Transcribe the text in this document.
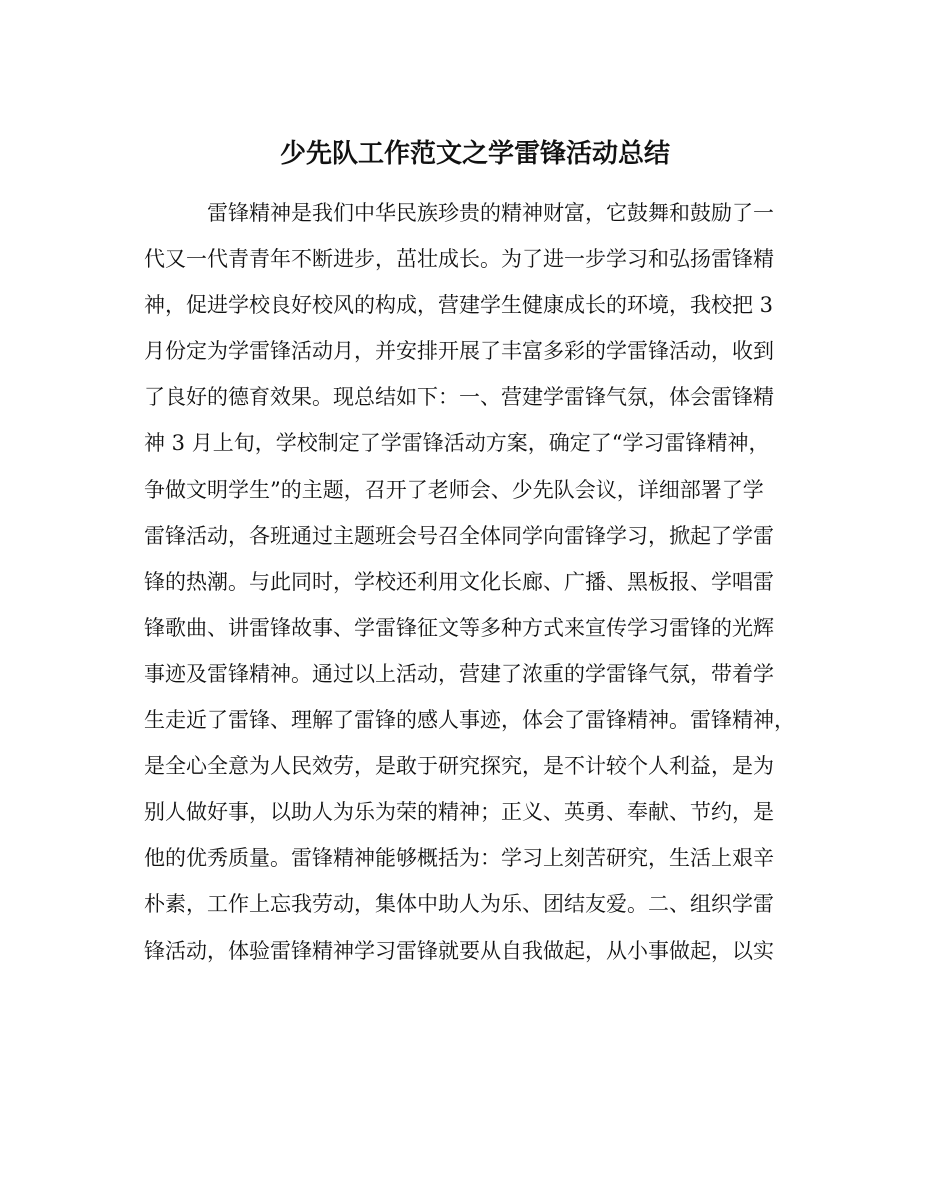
少先队工作范文之学雷锋活动总结
雷锋精神是我们中华民族珍贵的精神财富，它鼓舞和鼓励了一
代又一代青青年不断进步，茁壮成长。为了进一步学习和弘扬雷锋精
神，促进学校良好校风的构成，营建学生健康成长的环境，我校把 3
月份定为学雷锋活动月，并安排开展了丰富多彩的学雷锋活动，收到
了良好的德育效果。现总结如下：一、营建学雷锋气氛，体会雷锋精
神 3 月上旬，学校制定了学雷锋活动方案，确定了“学习雷锋精神，
争做文明学生”的主题，召开了老师会、少先队会议，详细部署了学
雷锋活动，各班通过主题班会号召全体同学向雷锋学习，掀起了学雷
锋的热潮。与此同时，学校还利用文化长廊、广播、黑板报、学唱雷
锋歌曲、讲雷锋故事、学雷锋征文等多种方式来宣传学习雷锋的光辉
事迹及雷锋精神。通过以上活动，营建了浓重的学雷锋气氛，带着学
生走近了雷锋、理解了雷锋的感人事迹，体会了雷锋精神。雷锋精神，
是全心全意为人民效劳，是敢于研究探究，是不计较个人利益，是为
别人做好事，以助人为乐为荣的精神；正义、英勇、奉献、节约，是
他的优秀质量。雷锋精神能够概括为：学习上刻苦研究，生活上艰辛
朴素，工作上忘我劳动，集体中助人为乐、团结友爱。二、组织学雷
锋活动，体验雷锋精神学习雷锋就要从自我做起，从小事做起，以实
